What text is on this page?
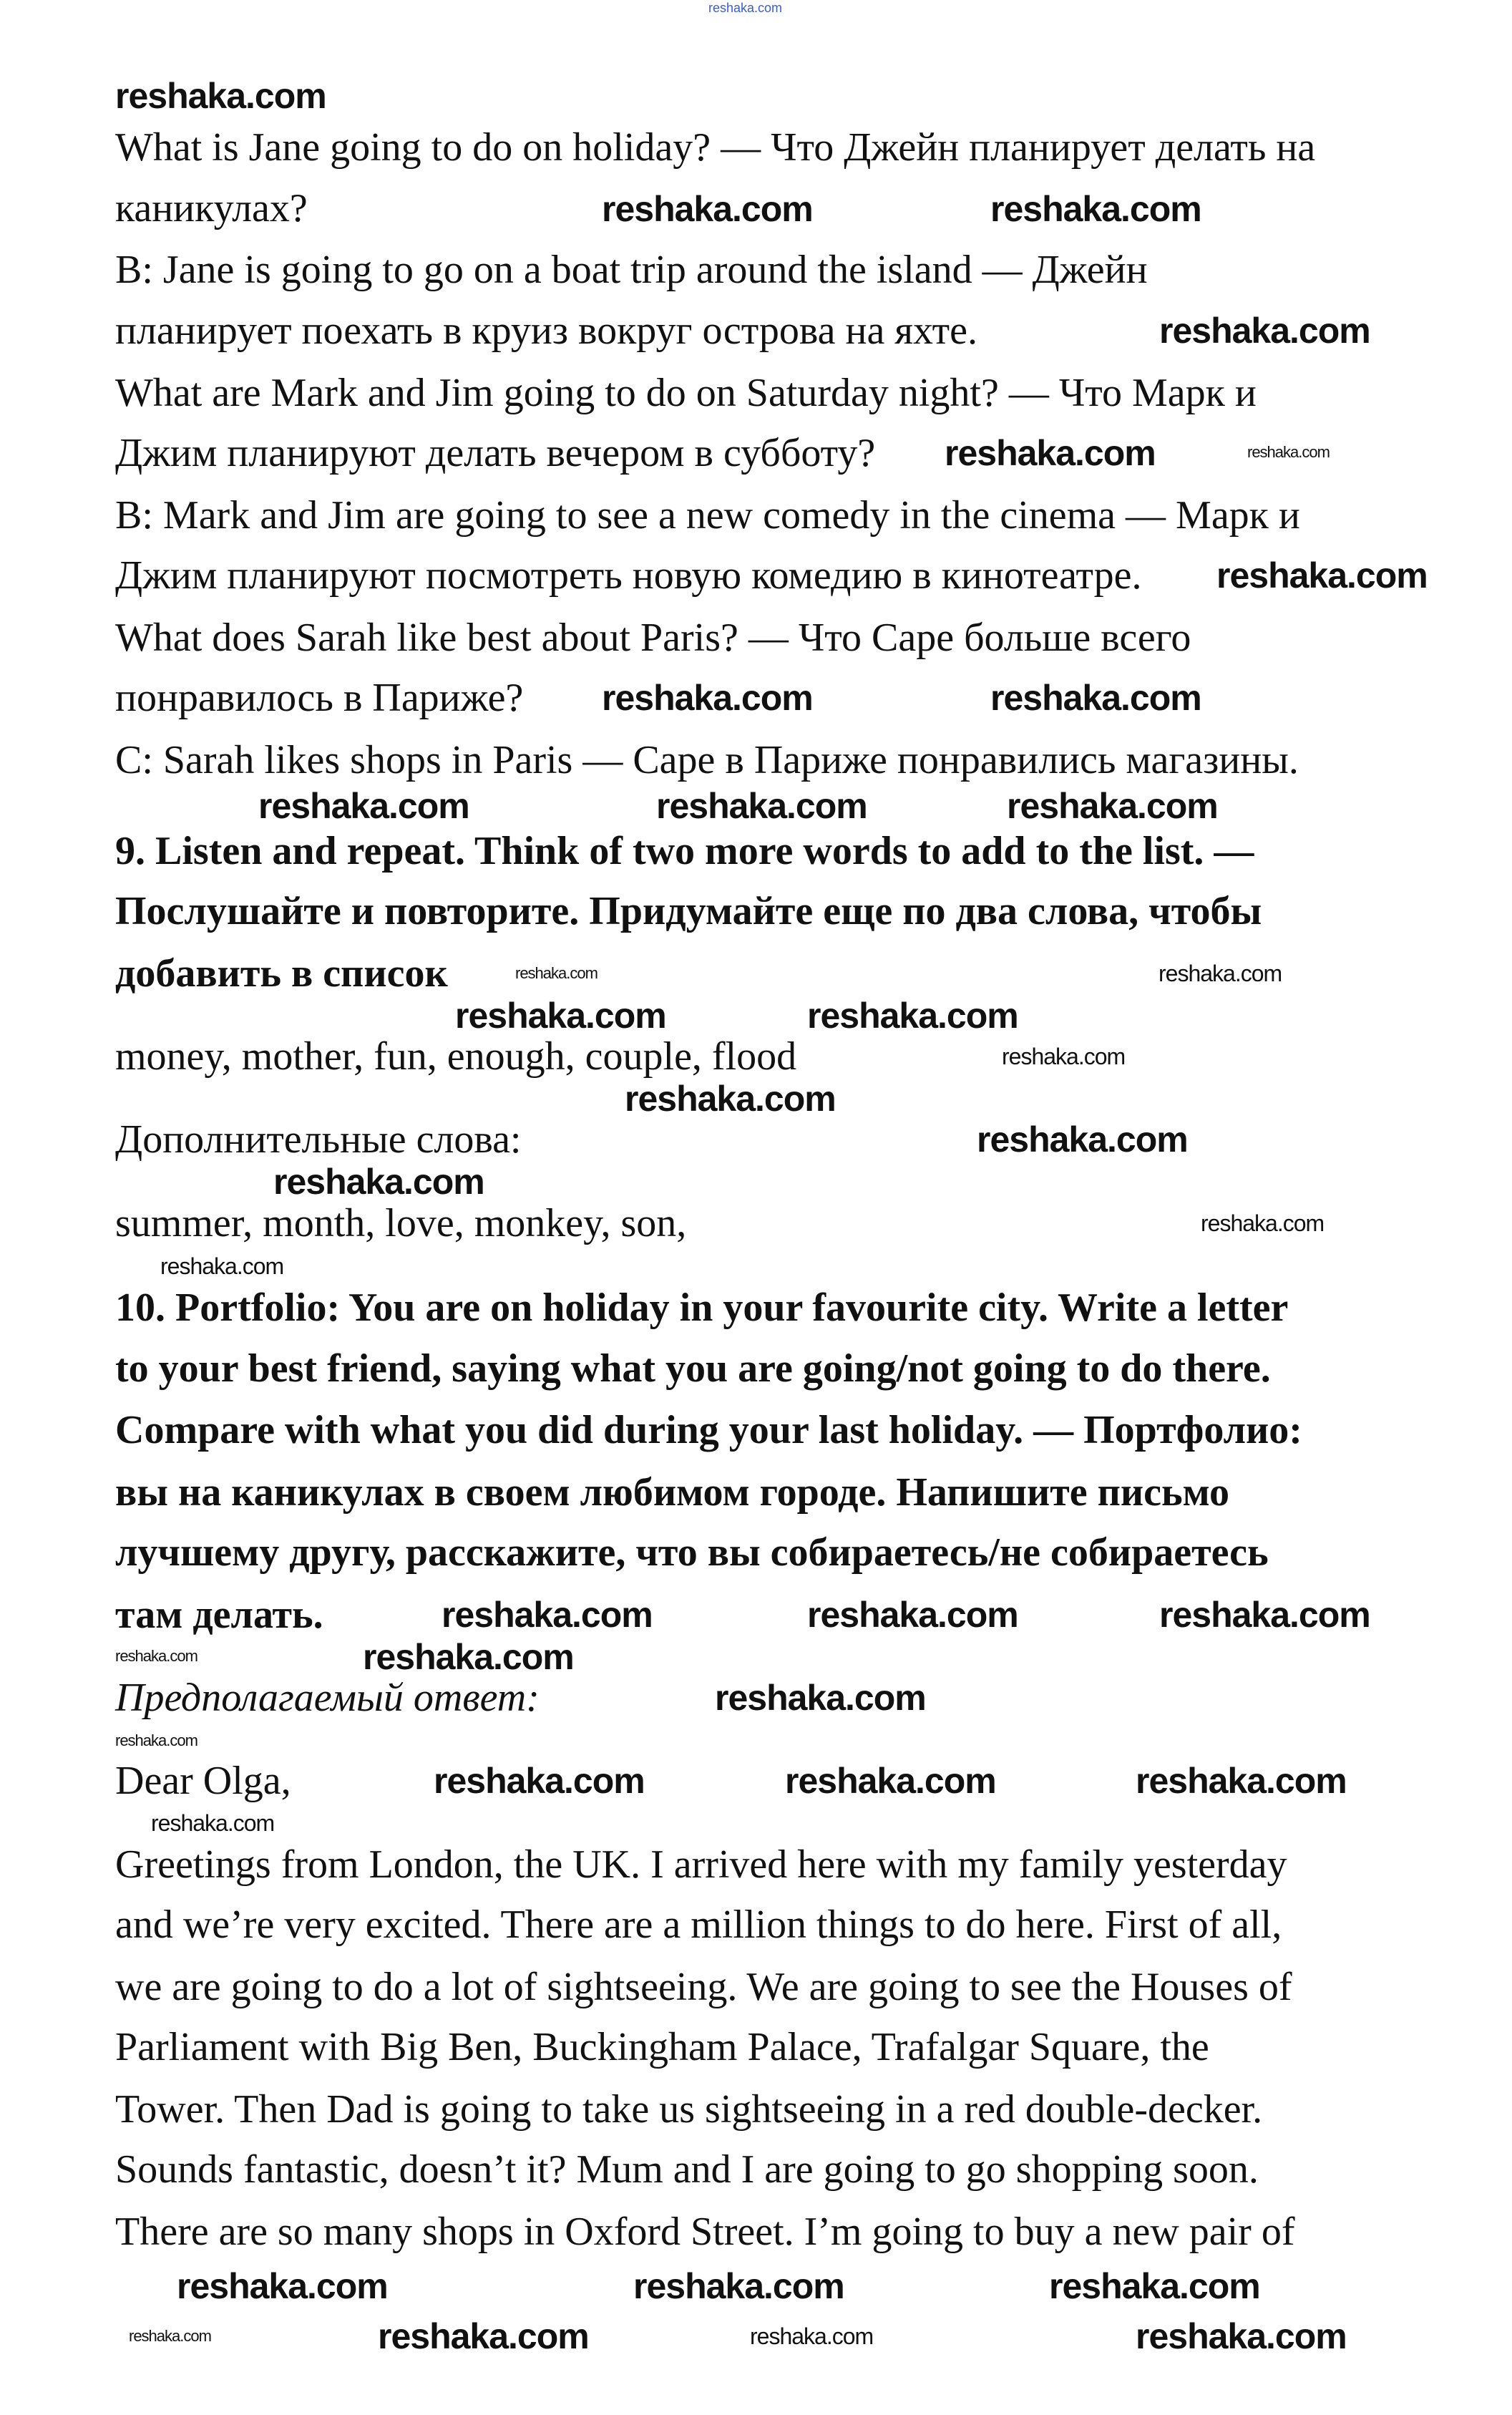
reshaka.com
What is Jane going to do on holiday? — Что Джейн планирует делать на
каникулах?
B: Jane is going to go on a boat trip around the island — Джейн
планирует поехать в круиз вокруг острова на яхте.
What are Mark and Jim going to do on Saturday night? — Что Марк и
Джим планируют делать вечером в субботу?
B: Mark and Jim are going to see a new comedy in the cinema — Марк и
Джим планируют посмотреть новую комедию в кинотеатре.
What does Sarah like best about Paris? — Что Саре больше всего
понравилось в Париже?
C: Sarah likes shops in Paris — Саре в Париже понравились магазины.
9. Listen and repeat. Think of two more words to add to the list. —
Послушайте и повторите. Придумайте еще по два слова, чтобы
добавить в список
money, mother, fun, enough, couple, flood
Дополнительные слова:
summer, month, love, monkey, son,
10. Portfolio: You are on holiday in your favourite city. Write a letter
to your best friend, saying what you are going/not going to do there.
Compare with what you did during your last holiday. — Портфолио:
вы на каникулах в своем любимом городе. Напишите письмо
лучшему другу, расскажите, что вы собираетесь/не собираетесь
там делать.
Предполагаемый ответ:
Dear Olga,
Greetings from London, the UK. I arrived here with my family yesterday
and we’re very excited. There are a million things to do here. First of all,
we are going to do a lot of sightseeing. We are going to see the Houses of
Parliament with Big Ben, Buckingham Palace, Trafalgar Square, the
Tower. Then Dad is going to take us sightseeing in a red double-decker.
Sounds fantastic, doesn’t it? Mum and I are going to go shopping soon.
There are so many shops in Oxford Street. I’m going to buy a new pair of
reshaka.com
reshaka.com	reshaka.com
reshaka.com
reshaka.com	reshaka.com
reshaka.com
reshaka.com	reshaka.com
reshaka.com	reshaka.com	reshaka.com
reshaka.com	reshaka.com
reshaka.com	reshaka.com
reshaka.com
reshaka.com
reshaka.com
reshaka.com
reshaka.com
reshaka.com
reshaka.com	reshaka.com
reshaka.com	reshaka.com
reshaka.com
reshaka.com
reshaka.com
reshaka.com
reshaka.com	reshaka.com	reshaka.com
reshaka.com	reshaka.com	reshaka.com	reshaka.com
reshaka.com	reshaka.com	reshaka.com
